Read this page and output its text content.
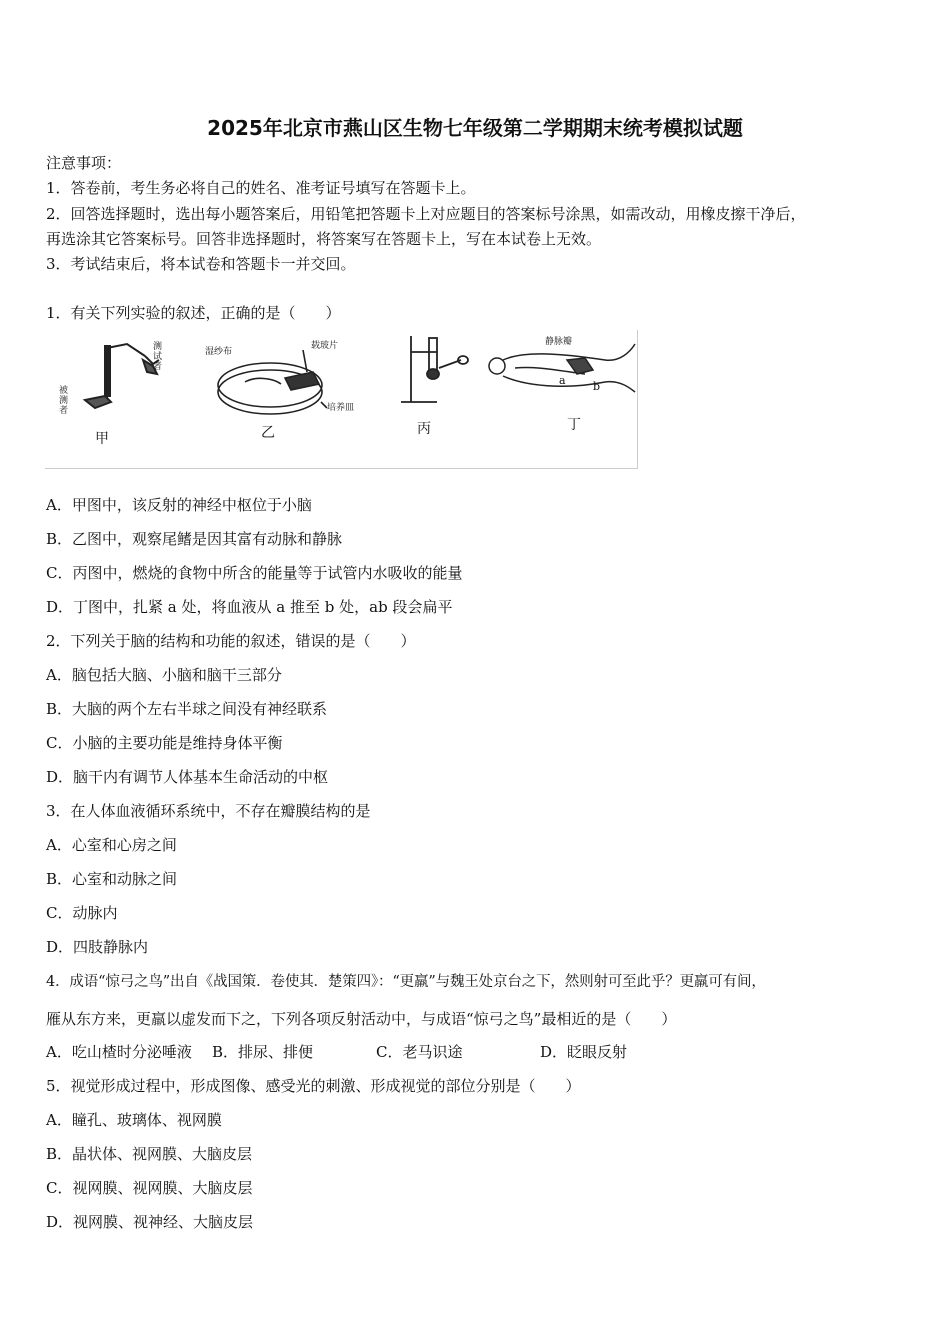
2025年北京市燕山区生物七年级第二学期期末统考模拟试题
注意事项：
1．答卷前，考生务必将自己的姓名、准考证号填写在答题卡上。
2．回答选择题时，选出每小题答案后，用铅笔把答题卡上对应题目的答案标号涂黑，如需改动，用橡皮擦干净后，
再选涂其它答案标号。回答非选择题时，将答案写在答题卡上，写在本试卷上无效。
3．考试结束后，将本试卷和答题卡一并交回。
1．有关下列实验的叙述，正确的是（　　）
测试者
被测者
湿纱布
载玻片
培养皿
静脉瓣
a b
甲	乙	丙	丁
A．甲图中，该反射的神经中枢位于小脑
B．乙图中，观察尾鳍是因其富有动脉和静脉
C．丙图中，燃烧的食物中所含的能量等于试管内水吸收的能量
D．丁图中，扎紧 a 处，将血液从 a 推至 b 处，ab 段会扁平
2．下列关于脑的结构和功能的叙述，错误的是（　　）
A．脑包括大脑、小脑和脑干三部分
B．大脑的两个左右半球之间没有神经联系
C．小脑的主要功能是维持身体平衡
D．脑干内有调节人体基本生命活动的中枢
3．在人体血液循环系统中，不存在瓣膜结构的是
A．心室和心房之间
B．心室和动脉之间
C．动脉内
D．四肢静脉内
4．成语“惊弓之鸟”出自《战国策．卷使其．楚策四》：“更羸”与魏王处京台之下，然则射可至此乎？更羸可有间，
雁从东方来，更羸以虚发而下之，下列各项反射活动中，与成语“惊弓之鸟”最相近的是（　　）
A．吃山楂时分泌唾液 B．排尿、排便	C．老马识途	D．眨眼反射
5．视觉形成过程中，形成图像、感受光的刺激、形成视觉的部位分别是（　　）
A．瞳孔、玻璃体、视网膜
B．晶状体、视网膜、大脑皮层
C．视网膜、视网膜、大脑皮层
D．视网膜、视神经、大脑皮层
